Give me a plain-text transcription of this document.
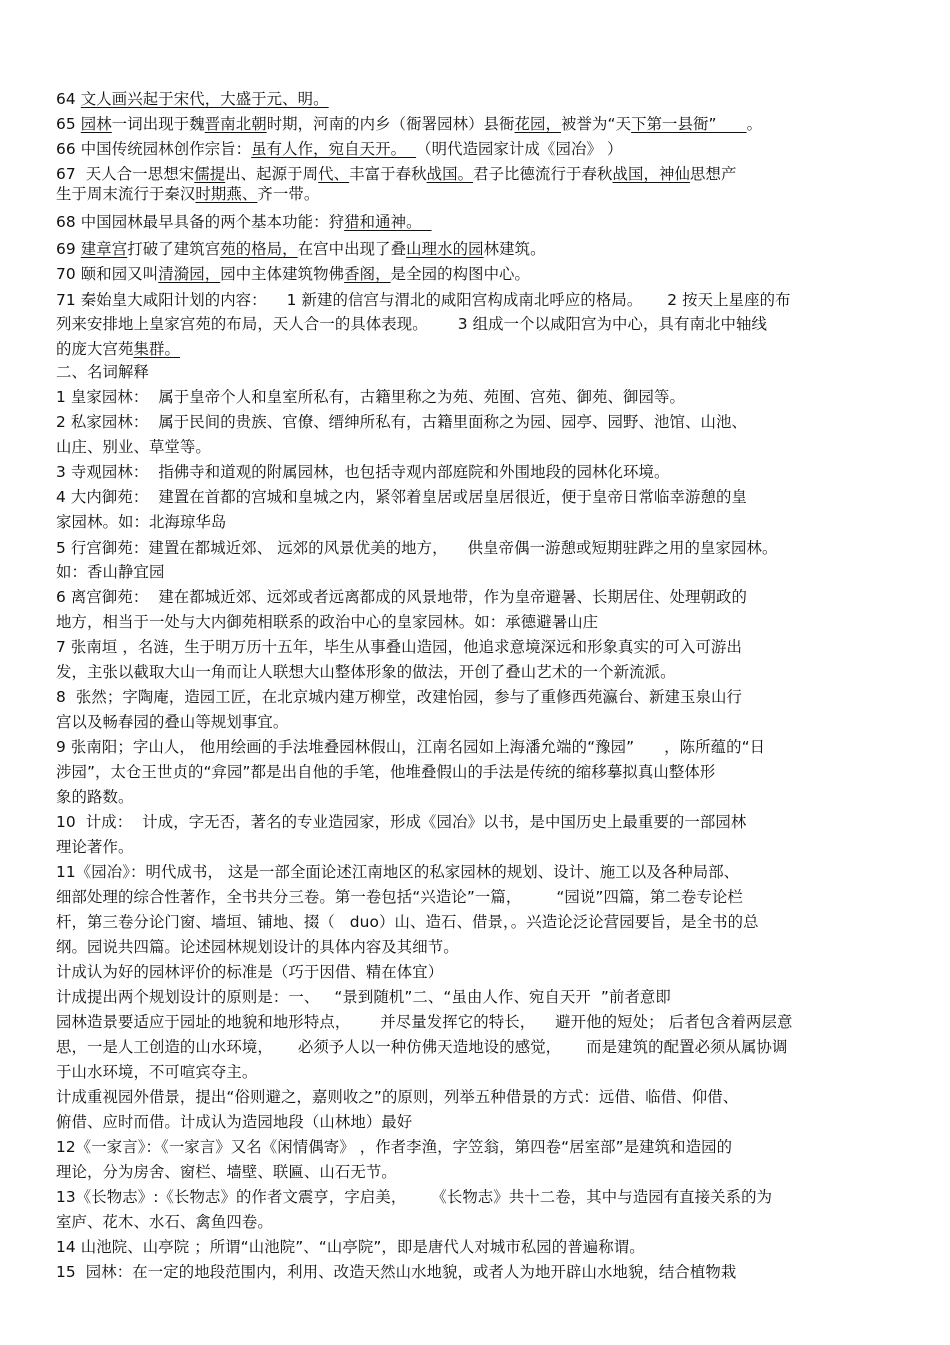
64 文人画兴起于宋代，大盛于元、明。
65 园林一词出现于魏晋南北朝时期，河南的内乡（衙署园林）县衙花园，被誉为“天下第一县衙”      。
66 中国传统园林创作宗旨：虽有人作，宛自天开。  （明代造园家计成《园冶》 ）
67  天人合一思想宋儒提出、起源于周代、丰富于春秋战国。君子比德流行于春秋战国，神仙思想产
生于周末流行于秦汉时期燕、齐一带。
68 中国园林最早具备的两个基本功能：狩猎和通神。
69 建章宫打破了建筑宫苑的格局，在宫中出现了叠山理水的园林建筑。
70 颐和园又叫清漪园，园中主体建筑物佛香阁，是全园的构图中心。
71 秦始皇大咸阳计划的内容：    1 新建的信宫与渭北的咸阳宫构成南北呼应的格局。     2 按天上星座的布
列来安排地上皇家宫苑的布局，天人合一的具体表现。      3 组成一个以咸阳宫为中心，具有南北中轴线
的庞大宫苑集群。
二、名词解释
1 皇家园林：  属于皇帝个人和皇室所私有，古籍里称之为苑、苑囿、宫苑、御苑、御园等。
2 私家园林：  属于民间的贵族、官僚、缙绅所私有，古籍里面称之为园、园亭、园野、池馆、山池、
山庄、别业、草堂等。
3 寺观园林：  指佛寺和道观的附属园林，也包括寺观内部庭院和外围地段的园林化环境。
4 大内御苑：  建置在首都的宫城和皇城之内，紧邻着皇居或居皇居很近，便于皇帝日常临幸游憩的皇
家园林。如：北海琼华岛
5 行宫御苑：建置在都城近郊、 远郊的风景优美的地方，    供皇帝偶一游憩或短期驻跸之用的皇家园林。
如：香山静宜园
6 离宫御苑：  建在都城近郊、远郊或者远离都成的风景地带，作为皇帝避暑、长期居住、处理朝政的
地方，相当于一处与大内御苑相联系的政治中心的皇家园林。如：承德避暑山庄
7 张南垣 ，名涟，生于明万历十五年，毕生从事叠山造园，他追求意境深远和形象真实的可入可游出
发，主张以截取大山一角而让人联想大山整体形象的做法，开创了叠山艺术的一个新流派。
8  张然；字陶庵，造园工匠，在北京城内建万柳堂，改建怡园，参与了重修西苑瀛台、新建玉泉山行
宫以及畅春园的叠山等规划事宜。
9 张南阳；字山人， 他用绘画的手法堆叠园林假山，江南名园如上海潘允端的“豫园”      ，陈所蕴的“日
涉园”，太仓王世贞的“弇园”都是出自他的手笔，他堆叠假山的手法是传统的缩移摹拟真山整体形
象的路数。
10  计成：  计成，字无否，著名的专业造园家，形成《园冶》以书，是中国历史上最重要的一部园林
理论著作。
11《园冶》：明代成书， 这是一部全面论述江南地区的私家园林的规划、设计、施工以及各种局部、
细部处理的综合性著作，全书共分三卷。第一卷包括“兴造论”一篇，       “园说”四篇，第二卷专论栏
杆，第三卷分论门窗、墙垣、铺地、掇（   duo）山、造石、借景，。兴造论泛论营园要旨，是全书的总
纲。园说共四篇。论述园林规划设计的具体内容及其细节。
计成认为好的园林评价的标准是（巧于因借、精在体宜）
计成提出两个规划设计的原则是：一、   “景到随机”二、“虽由人作、宛自天开  ”前者意即
园林造景要适应于园址的地貌和地形特点，      并尽量发挥它的特长，    避开他的短处； 后者包含着两层意
思，一是人工创造的山水环境，     必须予人以一种仿佛天造地设的感觉，     而是建筑的配置必须从属协调
于山水环境，不可喧宾夺主。
计成重视园外借景，提出“俗则避之，嘉则收之”的原则，列举五种借景的方式：远借、临借、仰借、
俯借、应时而借。计成认为造园地段（山林地）最好
12《一家言》：《一家言》又名《闲情偶寄》 ，作者李渔，字笠翁，第四卷“居室部”是建筑和造园的
理论，分为房舍、窗栏、墙壁、联匾、山石无节。
13《长物志》:《长物志》的作者文震亨，字启美，     《长物志》共十二卷，其中与造园有直接关系的为
室庐、花木、水石、禽鱼四卷。
14 山池院、山亭院 ；所谓“山池院”、“山亭院”，即是唐代人对城市私园的普遍称谓。
15  园林：在一定的地段范围内，利用、改造天然山水地貌，或者人为地开辟山水地貌，结合植物栽
